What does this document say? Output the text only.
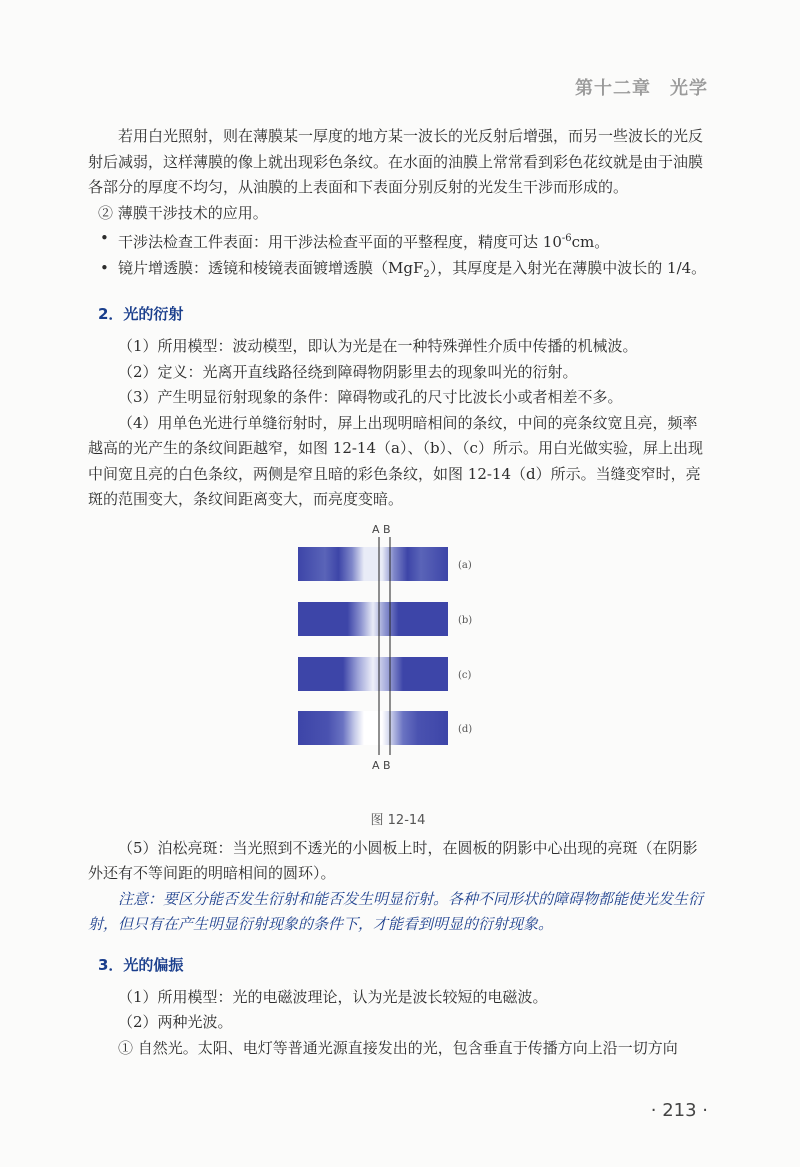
第十二章　光学

若用白光照射，则在薄膜某一厚度的地方某一波长的光反射后增强，而另一些波长的光反射后减弱，这样薄膜的像上就出现彩色条纹。在水面的油膜上常常看到彩色花纹就是由于油膜各部分的厚度不均匀，从油膜的上表面和下表面分别反射的光发生干涉而形成的。

② 薄膜干涉技术的应用。

• 干涉法检查工件表面：用干涉法检查平面的平整程度，精度可达 $10^{-6}cm$。

• 镜片增透膜：透镜和棱镜表面镀增透膜（MgF$_2$），其厚度是入射光在薄膜中波长的 1/4。

2．光的衍射

（1）所用模型：波动模型，即认为光是在一种特殊弹性介质中传播的机械波。

（2）定义：光离开直线路径绕到障碍物阴影里去的现象叫光的衍射。

（3）产生明显衍射现象的条件：障碍物或孔的尺寸比波长小或者相差不多。

（4）用单色光进行单缝衍射时，屏上出现明暗相间的条纹，中间的亮条纹宽且亮，频率越高的光产生的条纹间距越窄，如图 12-14（a）、（b）、（c）所示。用白光做实验，屏上出现中间宽且亮的白色条纹，两侧是窄且暗的彩色条纹，如图 12-14（d）所示。当缝变窄时，亮斑的范围变大，条纹间距离变大，而亮度变暗。

A B
(a)
(b)
(c)
(d)
A B
图 12-14

（5）泊松亮斑：当光照到不透光的小圆板上时，在圆板的阴影中心出现的亮斑（在阴影外还有不等间距的明暗相间的圆环）。

注意：要区分能否发生衍射和能否发生明显衍射。各种不同形状的障碍物都能使光发生衍射，但只有在产生明显衍射现象的条件下，才能看到明显的衍射现象。

3．光的偏振

（1）所用模型：光的电磁波理论，认为光是波长较短的电磁波。

（2）两种光波。

① 自然光。太阳、电灯等普通光源直接发出的光，包含垂直于传播方向上沿一切方向

· 213 ·
